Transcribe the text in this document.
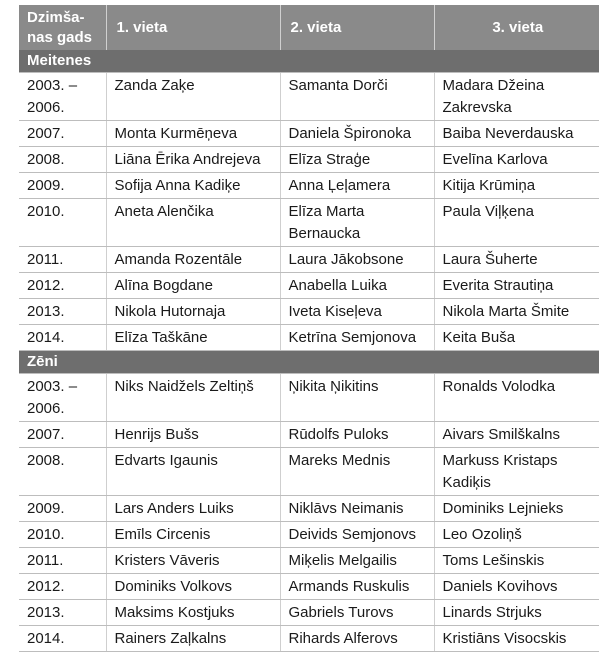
Dzimša-
nas gads	1. vieta	2. vieta	3. vieta
Meitenes			
2003. – 2006.	Zanda Zaķe	Samanta Dorči	Madara Džeina Zakrevska
2007.	Monta Kurmēņeva	Daniela Špironoka	Baiba Neverdauska
2008.	Liāna Ērika Andrejeva	Elīza Straģe	Evelīna Karlova
2009.	Sofija Anna Kadiķe	Anna Ļeļamera	Kitija Krūmiņa
2010.	Aneta Alenčika	Elīza Marta Bernaucka	Paula Viļķena
2011.	Amanda Rozentāle	Laura Jākobsone	Laura Šuherte
2012.	Alīna Bogdane	Anabella Luika	Everita Strautiņa
2013.	Nikola Hutornaja	Iveta Kiseļeva	Nikola Marta Šmite
2014.	Elīza Taškāne	Ketrīna Semjonova	Keita Buša
Zēni			
2003. – 2006.	Niks Naidžels Zeltiņš	Ņikita Ņikitins	Ronalds Volodka
2007.	Henrijs Bušs	Rūdolfs Puloks	Aivars Smilškalns
2008.	Edvarts Igaunis	Mareks Mednis	Markuss Kristaps Kadiķis
2009.	Lars Anders Luiks	Niklāvs Neimanis	Dominiks Lejnieks
2010.	Emīls Circenis	Deivids Semjonovs	Leo Ozoliņš
2011.	Kristers Vāveris	Miķelis Melgailis	Toms Lešinskis
2012.	Dominiks Volkovs	Armands Ruskulis	Daniels Kovihovs
2013.	Maksims Kostjuks	Gabriels Turovs	Linards Strjuks
2014.	Rainers Zaļkalns	Rihards Alferovs	Kristiāns Visocskis
